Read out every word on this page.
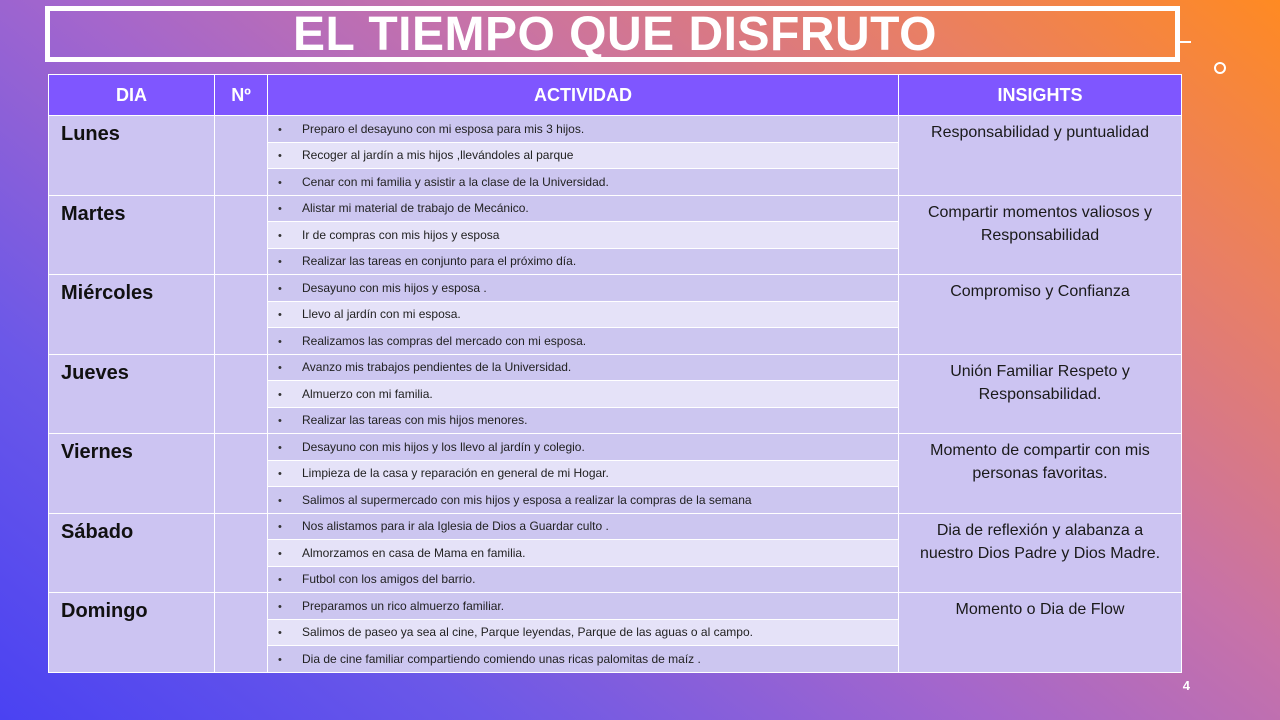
EL TIEMPO QUE DISFRUTO
DIA	Nº	ACTIVIDAD	INSIGHTS
Lunes		• Preparo el desayuno con mi esposa para mis 3 hijos.	Responsabilidad y puntualidad
		• Recoger al jardín a mis hijos ,llevándoles al parque	
		• Cenar con mi familia y asistir a la clase de la Universidad.	
Martes		• Alistar mi material de trabajo de Mecánico.	Compartir momentos valiosos y Responsabilidad
		• Ir de compras con mis hijos y esposa	
		• Realizar las tareas en conjunto para el próximo día.	
Miércoles		• Desayuno con mis hijos y esposa .	Compromiso y Confianza
		• Llevo al jardín con mi esposa.	
		• Realizamos las compras del mercado con mi esposa.	
Jueves		• Avanzo mis trabajos pendientes de la Universidad.	Unión Familiar Respeto y Responsabilidad.
		• Almuerzo con mi familia.	
		• Realizar las tareas con mis hijos menores.	
Viernes		• Desayuno con mis hijos y los llevo al jardín y colegio.	Momento de compartir con mis personas favoritas.
		• Limpieza de la casa y reparación en general de mi Hogar.	
		• Salimos al supermercado con mis hijos y esposa a realizar la compras de la semana	
Sábado		• Nos alistamos para ir ala Iglesia de Dios a Guardar culto .	Dia de reflexión y alabanza a nuestro Dios Padre y Dios Madre.
		• Almorzamos en casa de Mama en familia.	
		• Futbol con los amigos del barrio.	
Domingo		• Preparamos un rico almuerzo familiar.	Momento o Dia de Flow
		• Salimos de paseo ya sea al cine, Parque leyendas, Parque de las aguas o al campo.	
		• Dia de cine familiar compartiendo comiendo unas ricas palomitas de maíz .	
4
